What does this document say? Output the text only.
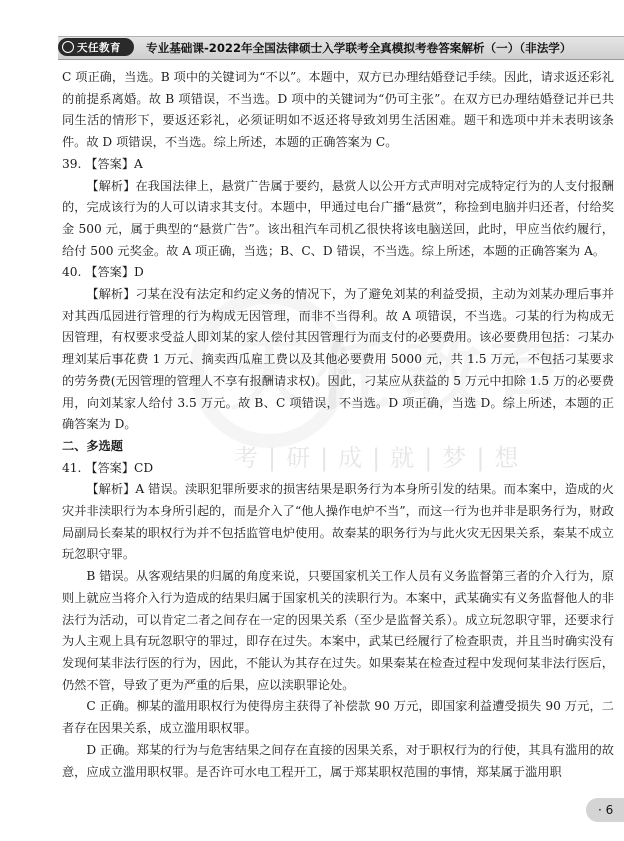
天任教育 专业基础课-2022年全国法律硕士入学联考全真模拟考卷答案解析（一）（非法学）
考|研|成|就|梦|想

C 项正确，当选。B 项中的关键词为“不以”。本题中，双方已办理结婚登记手续。因此，请求返还彩礼的前提系离婚。故 B 项错误，不当选。D 项中的关键词为“仍可主张”。在双方已办理结婚登记并已共同生活的情形下，要返还彩礼，必须证明如不返还将导致刘男生活困难。题干和选项中并未表明该条件。故 D 项错误，不当选。综上所述，本题的正确答案为 C。

39. 【答案】A

【解析】在我国法律上，悬赏广告属于要约，悬赏人以公开方式声明对完成特定行为的人支付报酬的，完成该行为的人可以请求其支付。本题中，甲通过电台广播“悬赏”，称捡到电脑并归还者，付给奖金 500 元，属于典型的“悬赏广告”。该出租汽车司机乙很快将该电脑送回，此时，甲应当依约履行，给付 500 元奖金。故 A 项正确，当选；B、C、D 错误，不当选。综上所述，本题的正确答案为 A。

40. 【答案】D

【解析】刁某在没有法定和约定义务的情况下，为了避免刘某的利益受损，主动为刘某办理后事并对其西瓜园进行管理的行为构成无因管理，而非不当得利。故 A 项错误，不当选。刁某的行为构成无因管理，有权要求受益人即刘某的家人偿付其因管理行为而支付的必要费用。该必要费用包括：刁某办理刘某后事花费 1 万元、摘卖西瓜雇工费以及其他必要费用 5000 元，共 1.5 万元，不包括刁某要求的劳务费(无因管理的管理人不享有报酬请求权)。因此，刁某应从获益的 5 万元中扣除 1.5 万的必要费用，向刘某家人给付 3.5 万元。故 B、C 项错误，不当选。D 项正确，当选 D。综上所述，本题的正确答案为 D。

二、多选题

41. 【答案】CD

【解析】A 错误。渎职犯罪所要求的损害结果是职务行为本身所引发的结果。而本案中，造成的火灾并非渎职行为本身所引起的，而是介入了“他人操作电炉不当”，而这一行为也并非是职务行为，财政局副局长秦某的职权行为并不包括监管电炉使用。故秦某的职务行为与此火灾无因果关系，秦某不成立玩忽职守罪。

B 错误。从客观结果的归属的角度来说，只要国家机关工作人员有义务监督第三者的介入行为，原则上就应当将介入行为造成的结果归属于国家机关的渎职行为。本案中，武某确实有义务监督他人的非法行为活动，可以肯定二者之间存在一定的因果关系（至少是监督关系）。成立玩忽职守罪，还要求行为人主观上具有玩忽职守的罪过，即存在过失。本案中，武某已经履行了检查职责，并且当时确实没有发现何某非法行医的行为，因此，不能认为其存在过失。如果秦某在检查过程中发现何某非法行医后，仍然不管，导致了更为严重的后果，应以渎职罪论处。

C 正确。柳某的滥用职权行为使得房主获得了补偿款 90 万元，即国家利益遭受损失 90 万元，二者存在因果关系，成立滥用职权罪。

D 正确。郑某的行为与危害结果之间存在直接的因果关系，对于职权行为的行使，其具有滥用的故意，应成立滥用职权罪。是否许可水电工程开工，属于郑某职权范围的事情，郑某属于滥用职

· 6
